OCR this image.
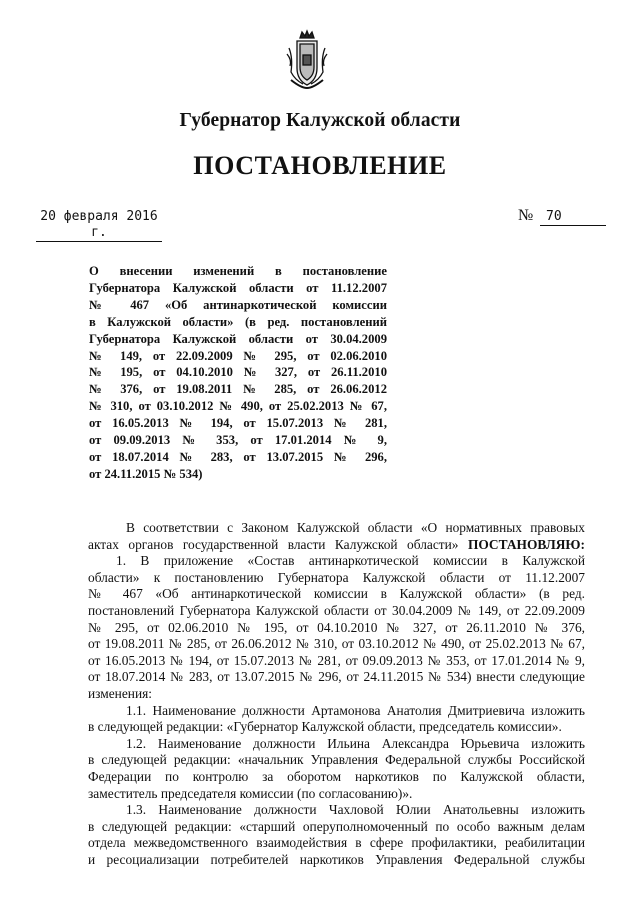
Губернатор Калужской области
ПОСТАНОВЛЕНИЕ
20 февраля 2016 г.
№ 70
О внесении изменений в постановление
Губернатора Калужской области от 11.12.2007
№ 467 «Об антинаркотической комиссии
в Калужской области» (в ред. постановлений
Губернатора Калужской области от 30.04.2009
№ 149, от 22.09.2009 № 295, от 02.06.2010
№ 195, от 04.10.2010 № 327, от 26.11.2010
№ 376, от 19.08.2011 № 285, от 26.06.2012
№ 310, от 03.10.2012 № 490, от 25.02.2013 № 67,
от 16.05.2013 № 194, от 15.07.2013 № 281,
от 09.09.2013 № 353, от 17.01.2014 № 9,
от 18.07.2014 № 283, от 13.07.2015 № 296,
от 24.11.2015 № 534)
В соответствии с Законом Калужской области «О нормативных правовых
актах органов государственной власти Калужской области» ПОСТАНОВЛЯЮ:
1. В приложение «Состав антинаркотической комиссии в Калужской
области» к постановлению Губернатора Калужской области от 11.12.2007
№ 467 «Об антинаркотической комиссии в Калужской области» (в ред.
постановлений Губернатора Калужской области от 30.04.2009 № 149, от 22.09.2009
№ 295, от 02.06.2010 № 195, от 04.10.2010 № 327, от 26.11.2010 № 376,
от 19.08.2011 № 285, от 26.06.2012 № 310, от 03.10.2012 № 490, от 25.02.2013 № 67,
от 16.05.2013 № 194, от 15.07.2013 № 281, от 09.09.2013 № 353, от 17.01.2014 № 9,
от 18.07.2014 № 283, от 13.07.2015 № 296, от 24.11.2015 № 534) внести следующие
изменения:
1.1. Наименование должности Артамонова Анатолия Дмитриевича изложить
в следующей редакции: «Губернатор Калужской области, председатель комиссии».
1.2. Наименование должности Ильина Александра Юрьевича изложить
в следующей редакции: «начальник Управления Федеральной службы Российской
Федерации по контролю за оборотом наркотиков по Калужской области,
заместитель председателя комиссии (по согласованию)».
1.3. Наименование должности Чахловой Юлии Анатольевны изложить
в следующей редакции: «старший оперуполномоченный по особо важным делам
отдела межведомственного взаимодействия в сфере профилактики, реабилитации
и ресоциализации потребителей наркотиков Управления Федеральной службы
